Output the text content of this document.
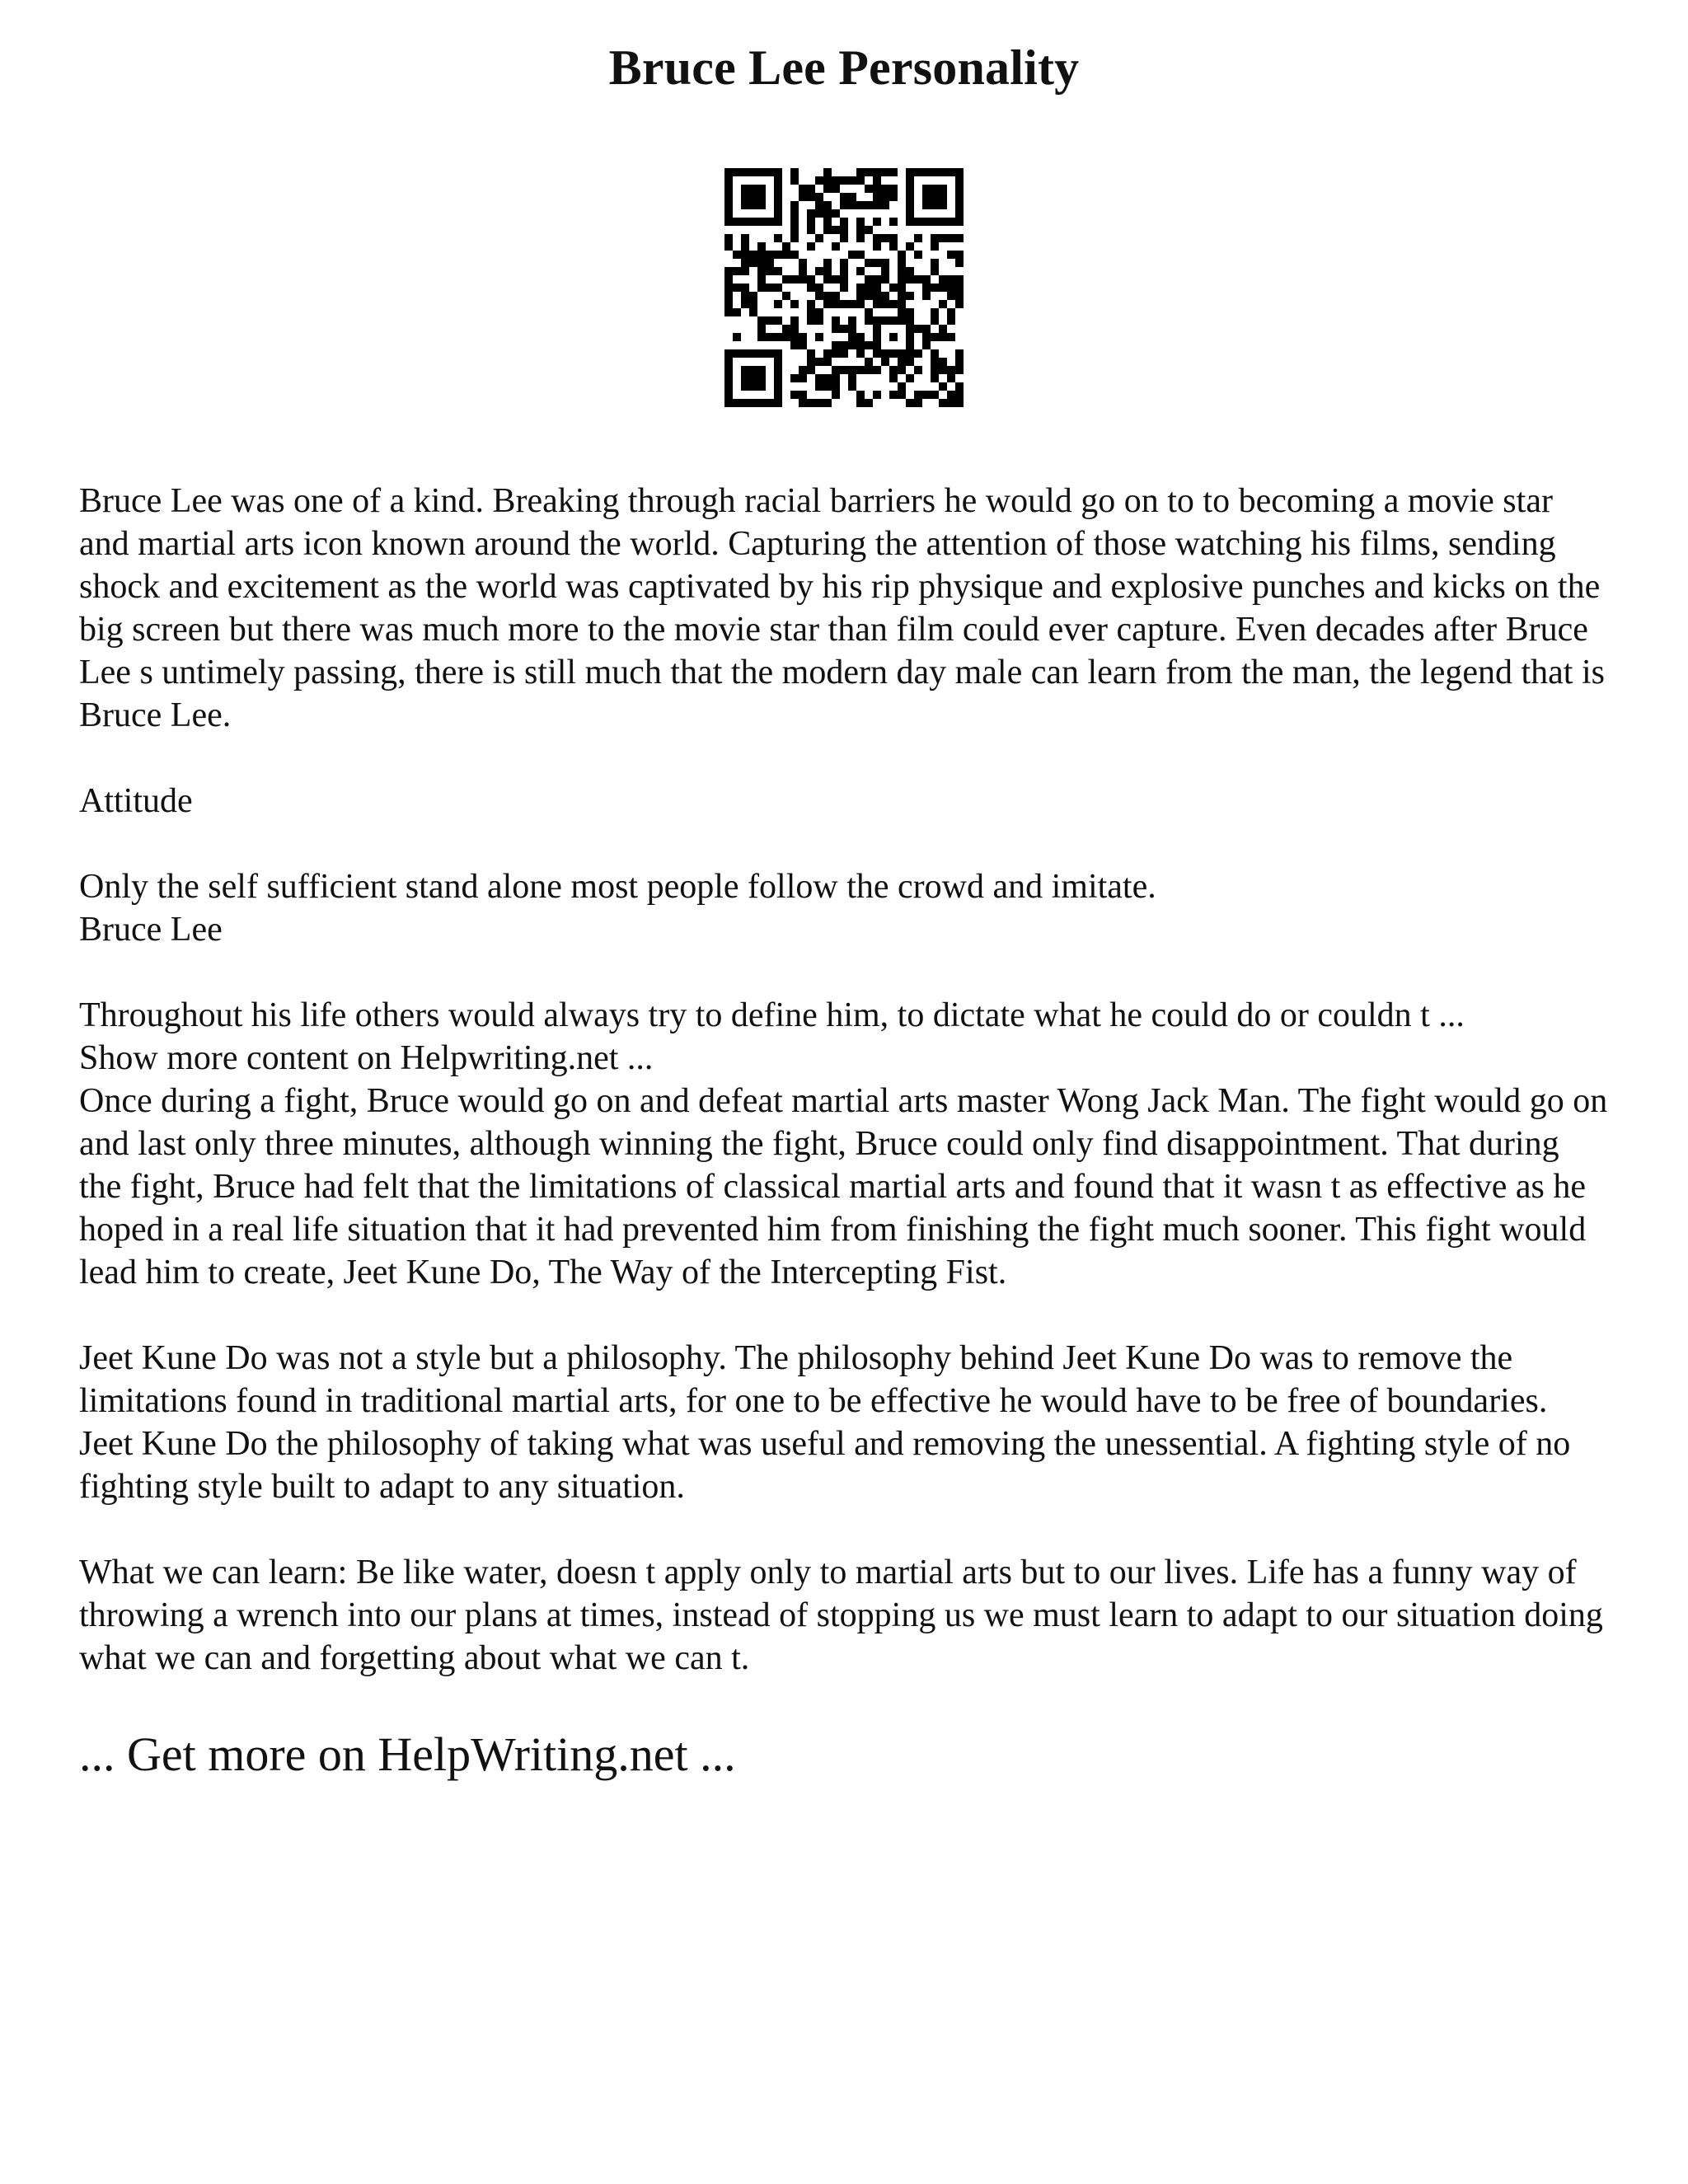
Bruce Lee Personality

Bruce Lee was one of a kind. Breaking through racial barriers he would go on to to becoming a movie star and martial arts icon known around the world. Capturing the attention of those watching his films, sending shock and excitement as the world was captivated by his rip physique and explosive punches and kicks on the big screen but there was much more to the movie star than film could ever capture. Even decades after Bruce Lee s untimely passing, there is still much that the modern day male can learn from the man, the legend that is Bruce Lee.

Attitude

Only the self sufficient stand alone most people follow the crowd and imitate.

Bruce Lee

Throughout his life others would always try to define him, to dictate what he could do or couldn t ...

Show more content on Helpwriting.net ...

Once during a fight, Bruce would go on and defeat martial arts master Wong Jack Man. The fight would go on and last only three minutes, although winning the fight, Bruce could only find disappointment. That during the fight, Bruce had felt that the limitations of classical martial arts and found that it wasn t as effective as he hoped in a real life situation that it had prevented him from finishing the fight much sooner. This fight would lead him to create, Jeet Kune Do, The Way of the Intercepting Fist.

Jeet Kune Do was not a style but a philosophy. The philosophy behind Jeet Kune Do was to remove the limitations found in traditional martial arts, for one to be effective he would have to be free of boundaries. Jeet Kune Do the philosophy of taking what was useful and removing the unessential. A fighting style of no fighting style built to adapt to any situation.

What we can learn: Be like water, doesn t apply only to martial arts but to our lives. Life has a funny way of throwing a wrench into our plans at times, instead of stopping us we must learn to adapt to our situation doing what we can and forgetting about what we can t.

... Get more on HelpWriting.net ...
